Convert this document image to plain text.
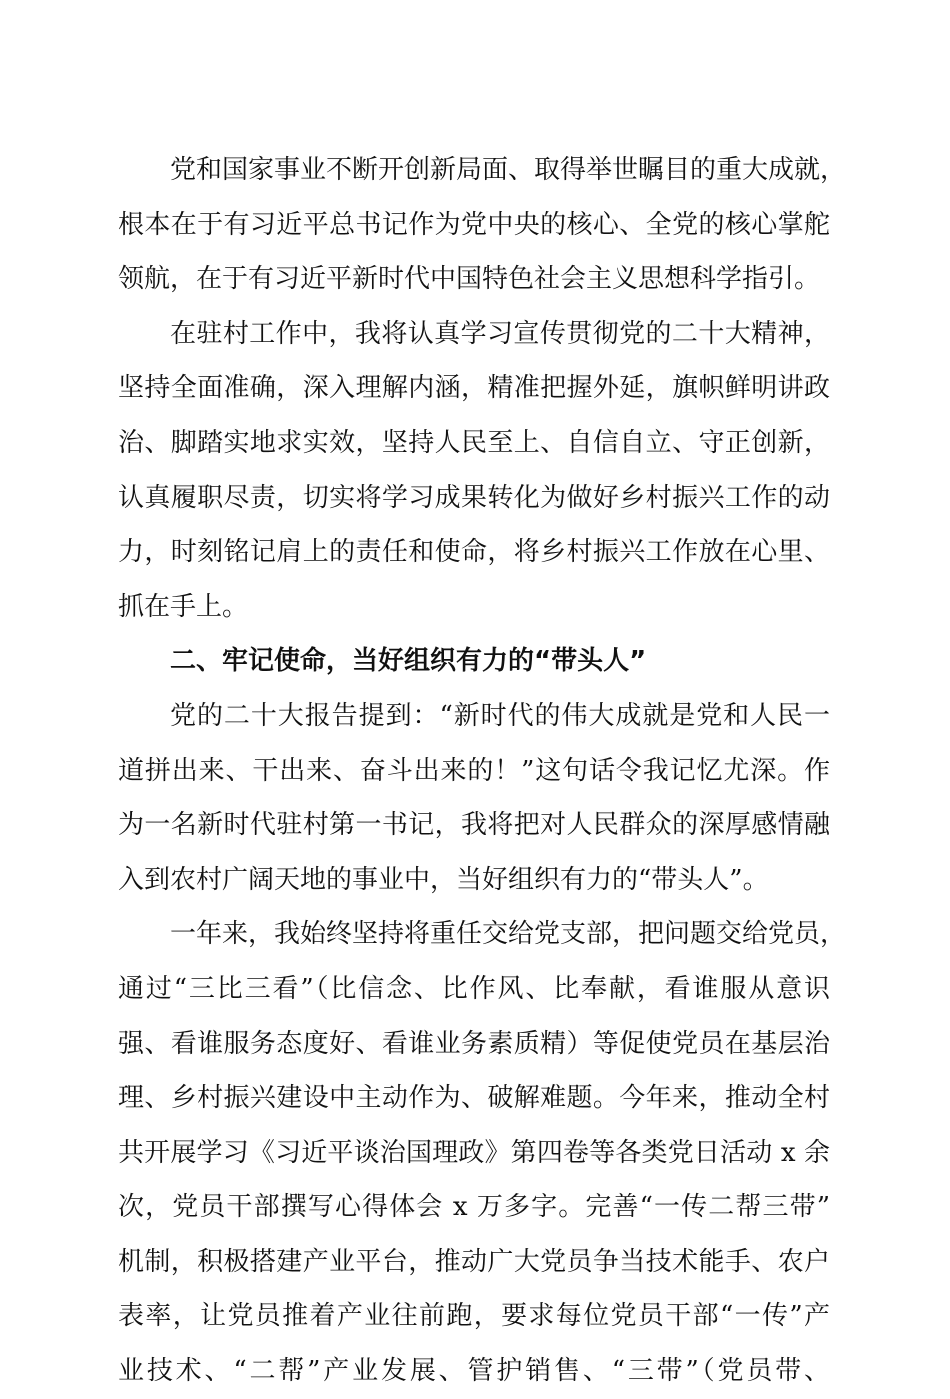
党和国家事业不断开创新局面、取得举世瞩目的重大成就，
根本在于有习近平总书记作为党中央的核心、全党的核心掌舵
领航，在于有习近平新时代中国特色社会主义思想科学指引。
在驻村工作中，我将认真学习宣传贯彻党的二十大精神，
坚持全面准确，深入理解内涵，精准把握外延，旗帜鲜明讲政
治、脚踏实地求实效，坚持人民至上、自信自立、守正创新，
认真履职尽责，切实将学习成果转化为做好乡村振兴工作的动
力，时刻铭记肩上的责任和使命，将乡村振兴工作放在心里、
抓在手上。
二、牢记使命，当好组织有力的“带头人”
党的二十大报告提到：“新时代的伟大成就是党和人民一
道拼出来、干出来、奋斗出来的！”这句话令我记忆尤深。作
为一名新时代驻村第一书记，我将把对人民群众的深厚感情融
入到农村广阔天地的事业中，当好组织有力的“带头人”。
一年来，我始终坚持将重任交给党支部，把问题交给党员，
通过“三比三看”（比信念、比作风、比奉献，看谁服从意识
强、看谁服务态度好、看谁业务素质精）等促使党员在基层治
理、乡村振兴建设中主动作为、破解难题。今年来，推动全村
共开展学习《习近平谈治国理政》第四卷等各类党日活动 x 余
次，党员干部撰写心得体会 x 万多字。完善“一传二帮三带”
机制，积极搭建产业平台，推动广大党员争当技术能手、农户
表率，让党员推着产业往前跑，要求每位党员干部“一传”产
业技术、“二帮”产业发展、管护销售、“三带”（党员带、
